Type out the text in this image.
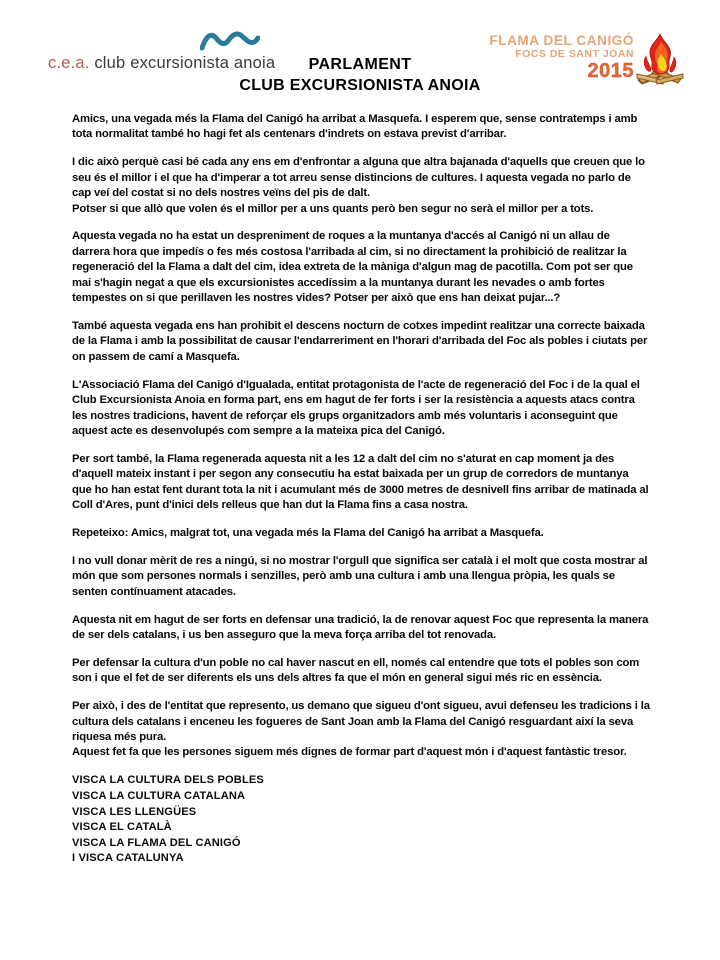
c.e.a. club excursionista anoia	PARLAMENT
CLUB EXCURSIONISTA ANOIA
FLAMA DEL CANIGÓ
FOCS DE SANT JOAN
2015

Amics, una vegada més la Flama del Canigó ha arribat a Masquefa. I esperem que, sense contratemps i amb tota normalitat també ho hagi fet als centenars d'indrets on estava previst d'arribar.

I dic això perquè casi bé cada any ens em d'enfrontar a alguna que altra bajanada d'aquells que creuen que lo seu és el millor i el que ha d'imperar a tot arreu sense distincions de cultures. I aquesta vegada no parlo de cap veí del costat si no dels nostres veïns del pis de dalt.

Potser si que allò que volen és el millor per a uns quants però ben segur no serà el millor per a tots.

Aquesta vegada no ha estat un despreniment de roques a la muntanya d'accés al Canigó ni un allau de darrera hora que impedís o fes més costosa l'arribada al cim, si no directament la prohibició de realitzar la regeneració del la Flama a dalt del cim, idea extreta de la màniga d'algun mag de pacotilla. Com pot ser que mai s'hagin negat a que els excursionistes accedíssim a la muntanya durant les nevades o amb fortes tempestes on si que perillaven les nostres vides? Potser per això que ens han deixat pujar...?

També aquesta vegada ens han prohibit el descens nocturn de cotxes impedint realitzar una correcte baixada de la Flama i amb la possibilitat de causar l'endarreriment en l'horari d'arribada del Foc als pobles i ciutats per on passem de camí a Masquefa.

L'Associació Flama del Canigó d'Igualada, entitat protagonista de l'acte de regeneració del Foc i de la qual el Club Excursionista Anoia en forma part, ens em hagut de fer forts i ser la resistència a aquests atacs contra les nostres tradicions, havent de reforçar els grups organitzadors amb més voluntaris i aconseguint que aquest acte es desenvolupés com sempre a la mateixa pica del Canigó.

Per sort també, la Flama regenerada aquesta nit a les 12 a dalt del cim no s'aturat en cap moment ja des d'aquell mateix instant i per segon any consecutiu ha estat baixada per un grup de corredors de muntanya que ho han estat fent durant tota la nit i acumulant més de 3000 metres de desnivell fins arribar de matinada al Coll d'Ares, punt d'inici dels relleus que han dut la Flama fins a casa nostra.

Repeteixo: Amics, malgrat tot, una vegada més la Flama del Canigó ha arribat a Masquefa.

I no vull donar mèrit de res a ningú, si no mostrar l'orgull que significa ser català i el molt que costa mostrar al món que som persones normals i senzilles, però amb una cultura i amb una llengua pròpia, les quals se senten contínuament atacades.

Aquesta nit em hagut de ser forts en defensar una tradició, la de renovar aquest Foc que representa la manera de ser dels catalans, i us ben asseguro que la meva força arriba del tot renovada.

Per defensar la cultura d'un poble no cal haver nascut en ell, només cal entendre que tots el pobles son com son i que el fet de ser diferents els uns dels altres fa que el món en general sigui més ric en essència.

Per això, i des de l'entitat que represento, us demano que sigueu d'ont sigueu, avui defenseu les tradicions i la cultura dels catalans i enceneu les fogueres de Sant Joan amb la Flama del Canigó resguardant així la seva riquesa més pura.

Aquest fet fa que les persones siguem més dignes de formar part d'aquest món i d'aquest fantàstic tresor.

VISCA LA CULTURA DELS POBLES
VISCA LA CULTURA CATALANA
VISCA LES LLENGÜES
VISCA EL CATALÀ
VISCA LA FLAMA DEL CANIGÓ
I VISCA CATALUNYA
